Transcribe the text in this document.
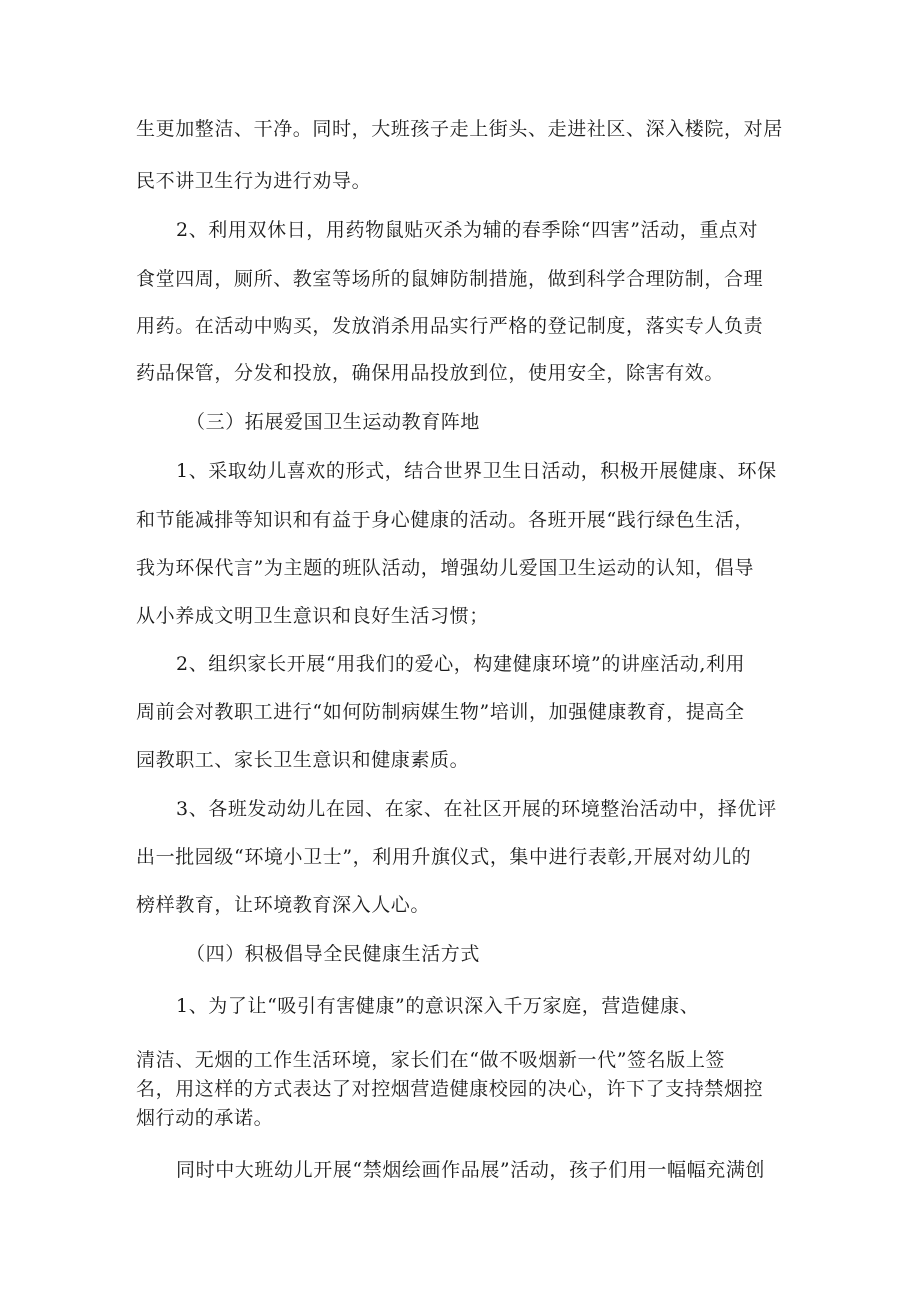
生更加整洁、干净。同时，大班孩子走上街头、走进社区、深入楼院，对居

民不讲卫生行为进行劝导。

2、利用双休日，用药物鼠贴灭杀为辅的春季除“四害”活动，重点对

食堂四周，厕所、教室等场所的鼠婶防制措施，做到科学合理防制，合理

用药。在活动中购买，发放消杀用品实行严格的登记制度，落实专人负责

药品保管，分发和投放，确保用品投放到位，使用安全，除害有效。

（三）拓展爱国卫生运动教育阵地

1、采取幼儿喜欢的形式，结合世界卫生日活动，积极开展健康、环保

和节能减排等知识和有益于身心健康的活动。各班开展“践行绿色生活，

我为环保代言”为主题的班队活动，增强幼儿爱国卫生运动的认知，倡导

从小养成文明卫生意识和良好生活习惯；

2、组织家长开展“用我们的爱心，构建健康环境”的讲座活动,利用

周前会对教职工进行“如何防制病媒生物”培训，加强健康教育，提高全

园教职工、家长卫生意识和健康素质。

3、各班发动幼儿在园、在家、在社区开展的环境整治活动中，择优评

出一批园级“环境小卫士”，利用升旗仪式，集中进行表彰,开展对幼儿的

榜样教育，让环境教育深入人心。

（四）积极倡导全民健康生活方式

1、为了让“吸引有害健康”的意识深入千万家庭，营造健康、

清洁、无烟的工作生活环境，家长们在“做不吸烟新一代”签名版上签

名，用这样的方式表达了对控烟营造健康校园的决心，许下了支持禁烟控

烟行动的承诺。

同时中大班幼儿开展“禁烟绘画作品展”活动，孩子们用一幅幅充满创
